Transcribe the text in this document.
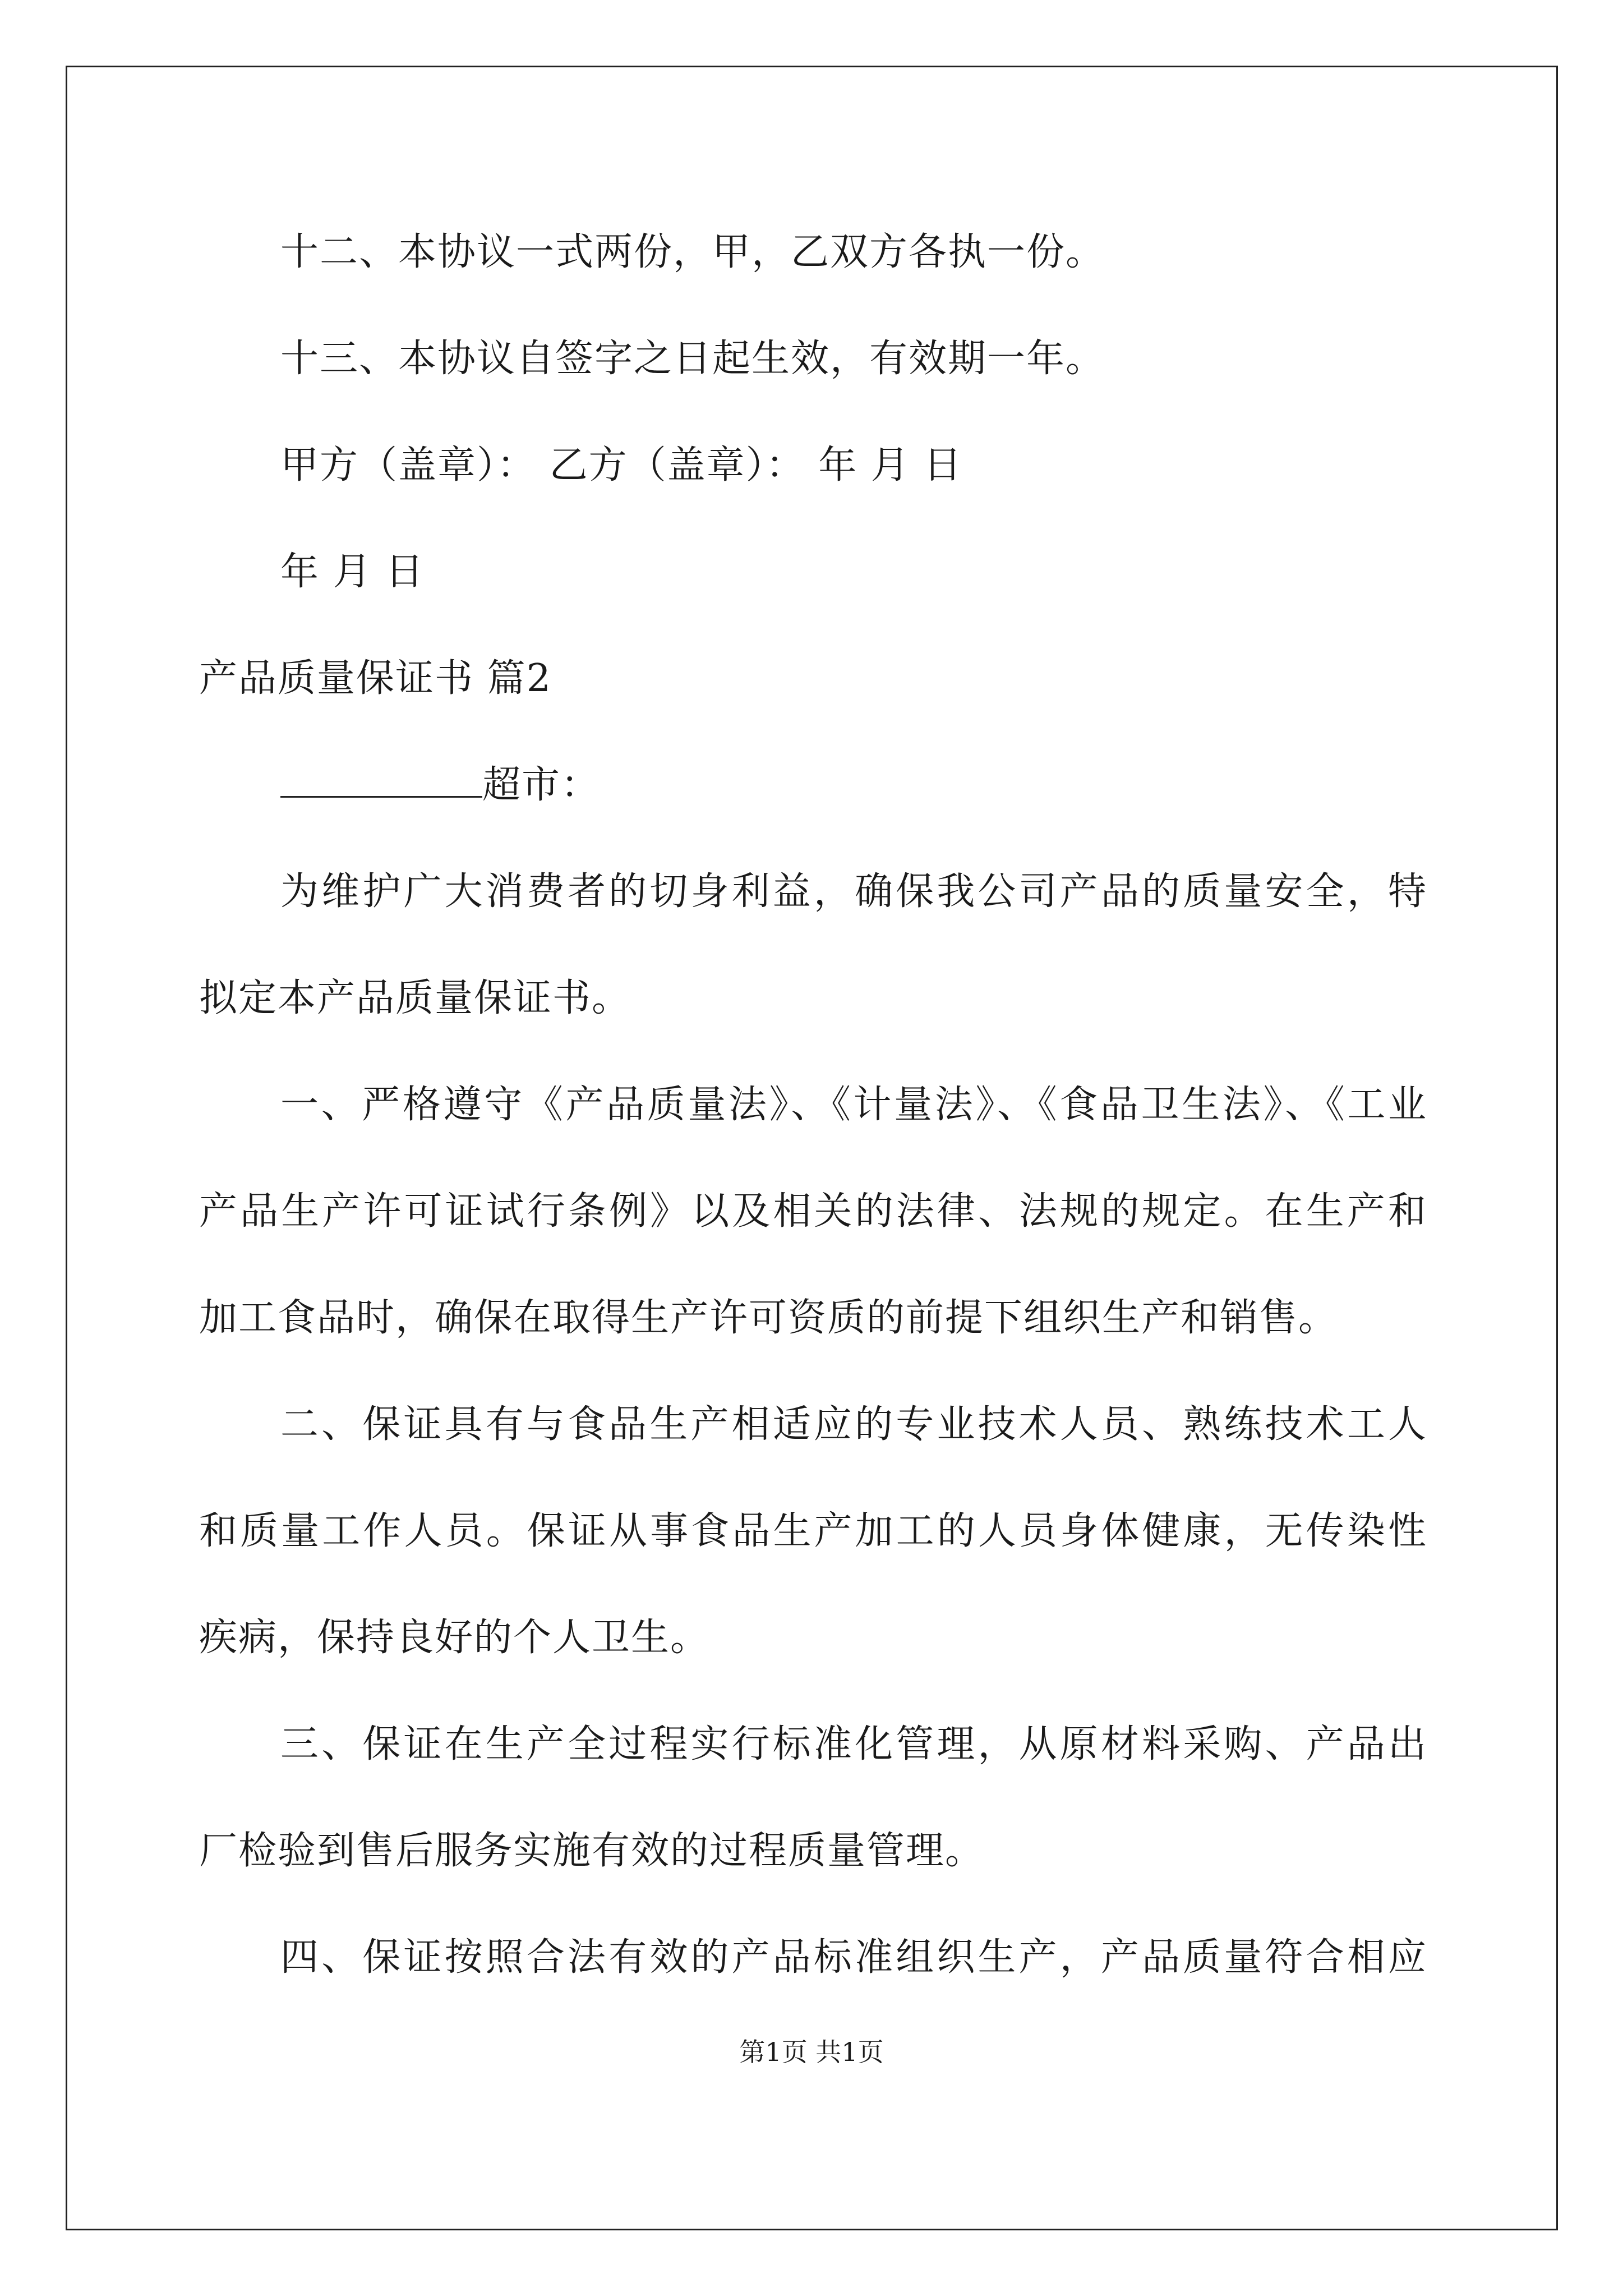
十二、本协议一式两份，甲，乙双方各执一份。
十三、本协议自签字之日起生效，有效期一年。
甲方（盖章）： 乙方（盖章）： 年 月 日
年 月 日
产品质量保证书 篇2
超市：
为维护广大消费者的切身利益，确保我公司产品的质量安全，特
拟定本产品质量保证书。
一、严格遵守《产品质量法》、《计量法》、《食品卫生法》、《工业
产品生产许可证试行条例》以及相关的法律、法规的规定。在生产和
加工食品时，确保在取得生产许可资质的前提下组织生产和销售。
二、保证具有与食品生产相适应的专业技术人员、熟练技术工人
和质量工作人员。保证从事食品生产加工的人员身体健康，无传染性
疾病，保持良好的个人卫生。
三、保证在生产全过程实行标准化管理，从原材料采购、产品出
厂检验到售后服务实施有效的过程质量管理。
四、保证按照合法有效的产品标准组织生产，产品质量符合相应
第1页 共1页
